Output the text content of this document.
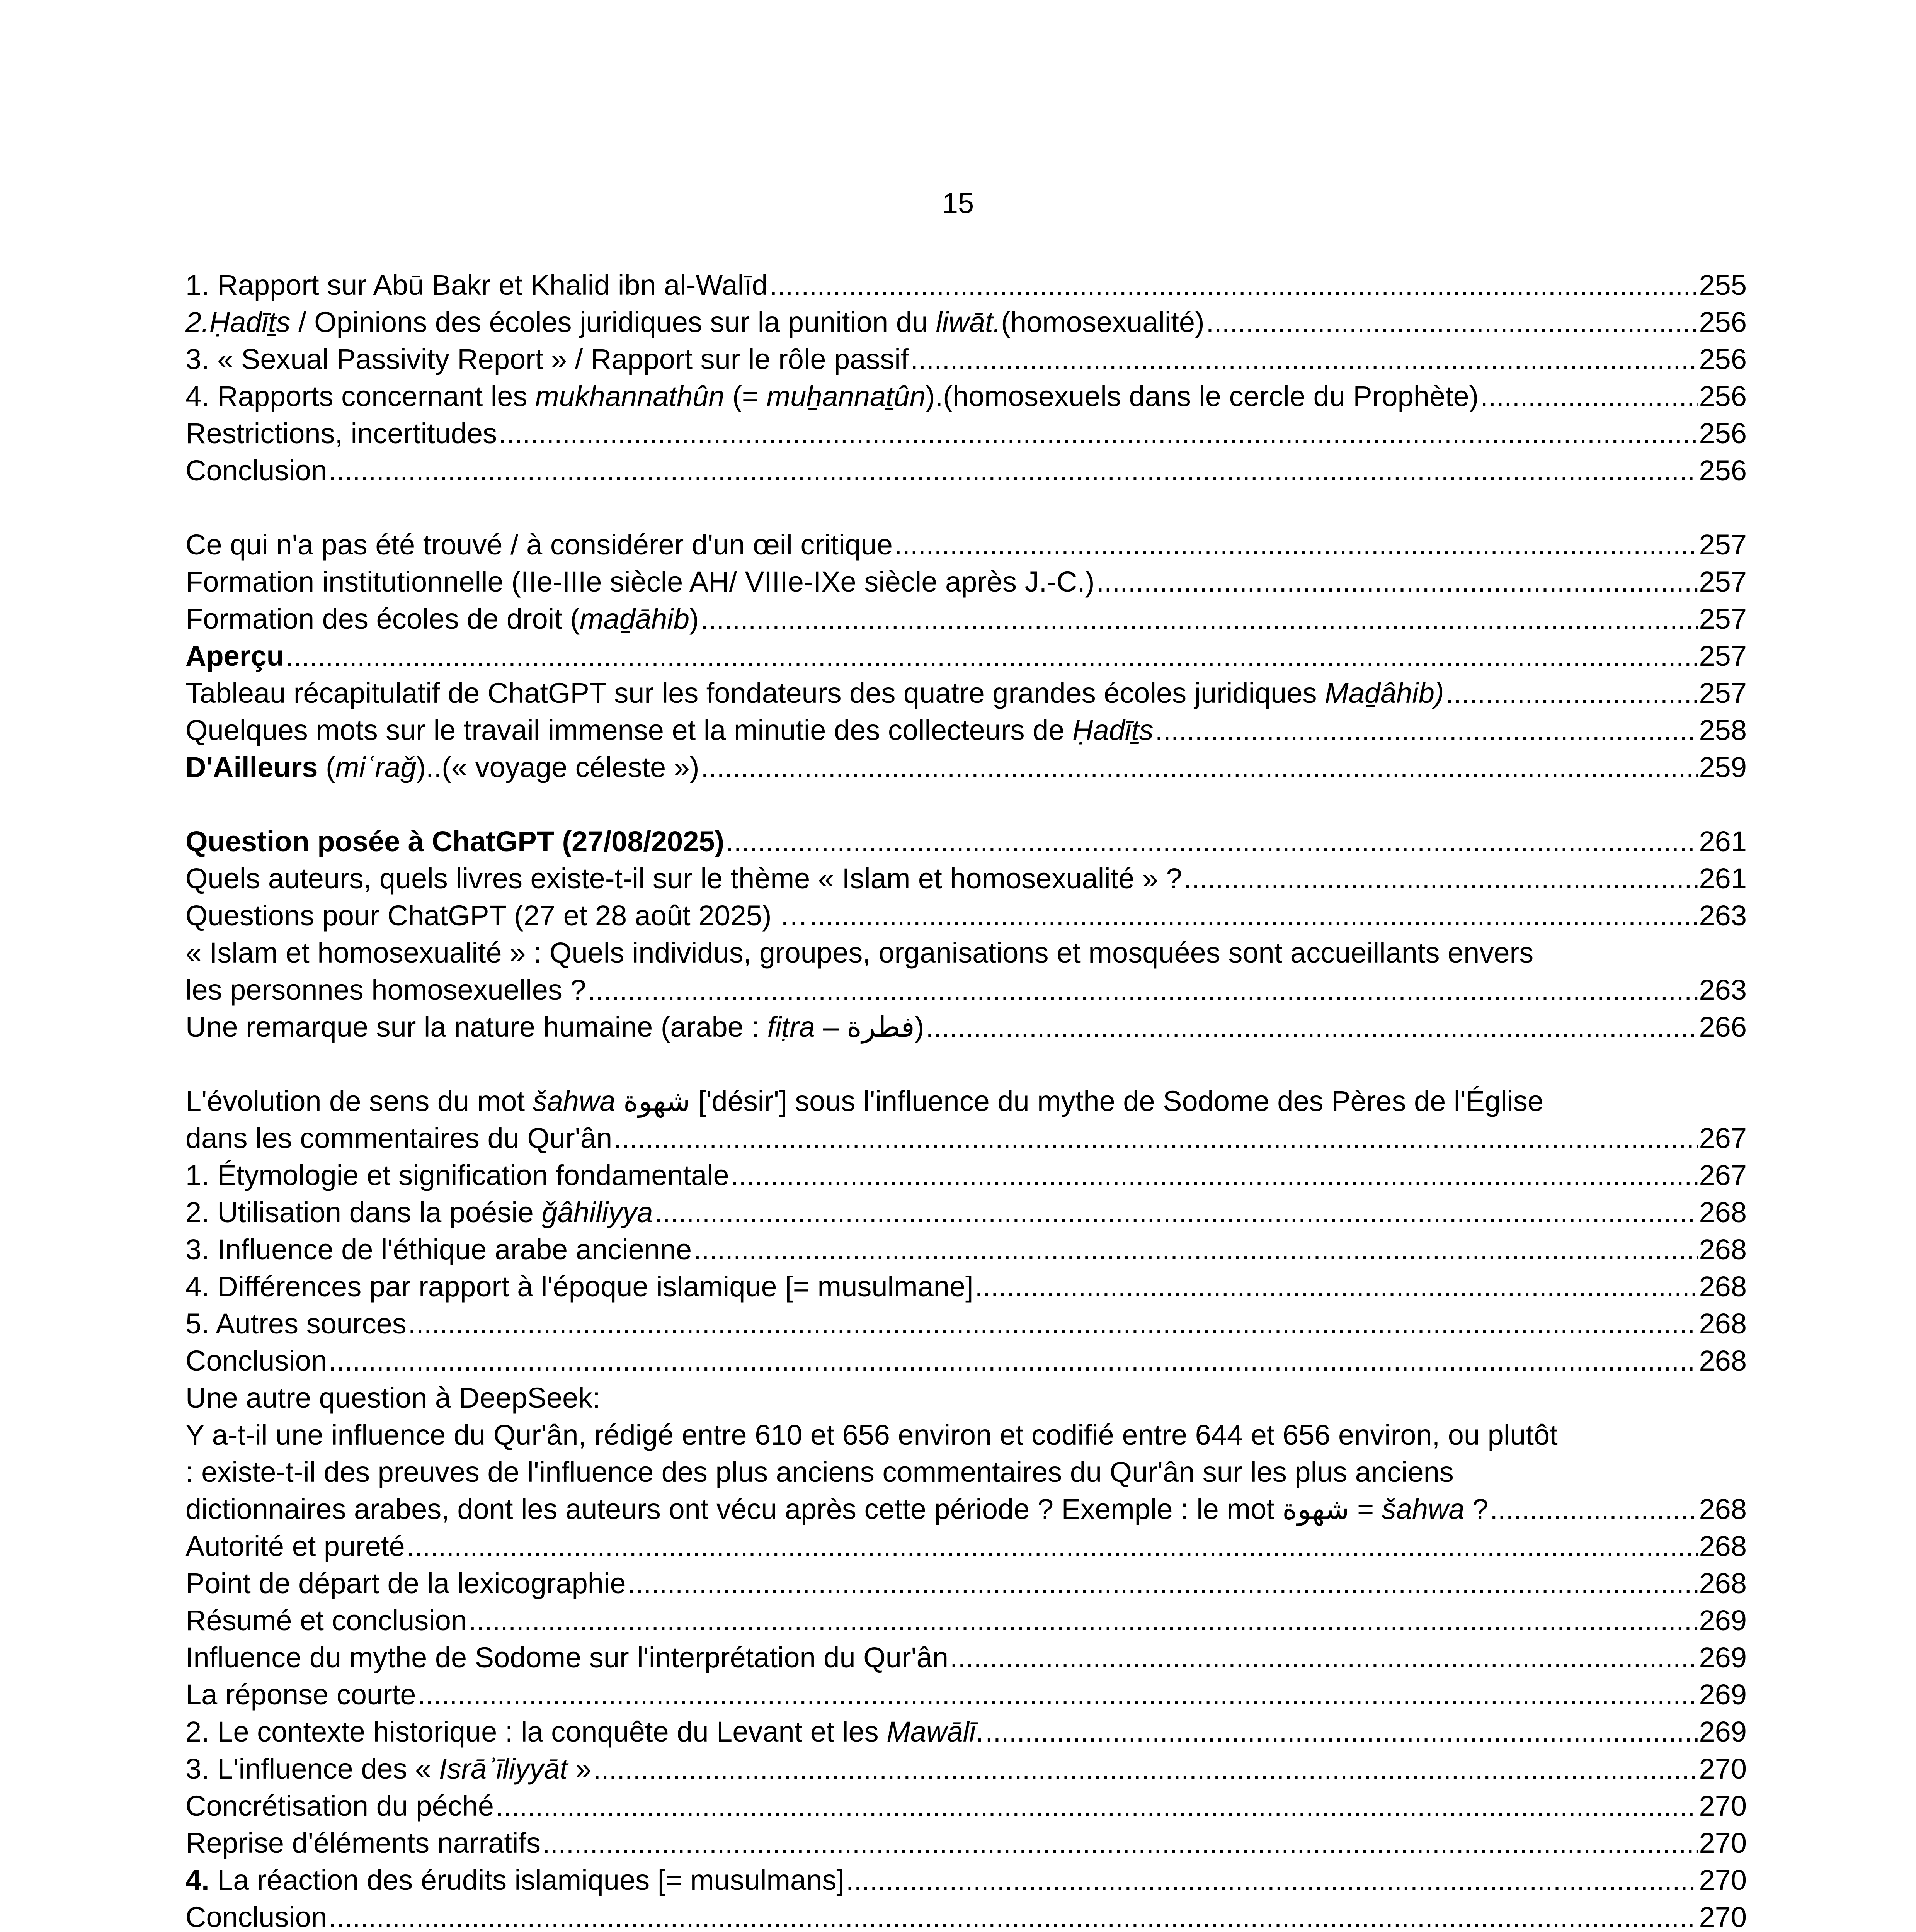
15
1. Rapport sur Abū Bakr et Khalid ibn al-Walīd .....	255
2.Ḥadīṯs / Opinions des écoles juridiques sur la punition du liwāt.(homosexualité) .....	256
3. « Sexual Passivity Report » / Rapport sur le rôle passif .....	256
4. Rapports concernant les mukhannathûn (= muẖannaṯûn).(homosexuels dans le cercle du Prophète) .....	256
Restrictions, incertitudes .....	256
Conclusion .....	256
Ce qui n'a pas été trouvé / à considérer d'un œil critique .....	257
Formation institutionnelle (IIe-IIIe siècle AH/ VIIIe-IXe siècle après J.-C.) .....	257
Formation des écoles de droit (maḏāhib) .....	257
Aperçu .....	257
Tableau récapitulatif de ChatGPT sur les fondateurs des quatre grandes écoles juridiques Maḏâhib) .....	257
Quelques mots sur le travail immense et la minutie des collecteurs de Ḥadīṯs .....	258
D'Ailleurs (miʿraǧ)..(« voyage céleste ») .....	259
Question posée à ChatGPT (27/08/2025) .....	261
Quels auteurs, quels livres existe-t-il sur le thème « Islam et homosexualité » ? .....	261
Questions pour ChatGPT (27 et 28 août 2025) … .....	263
« Islam et homosexualité » : Quels individus, groupes, organisations et mosquées sont accueillants envers
les personnes homosexuelles ? .....	263
Une remarque sur la nature humaine (arabe : fiṭra – فطرة) .....	266
L'évolution de sens du mot šahwa شهوة ['désir'] sous l'influence du mythe de Sodome des Pères de l'Église
dans les commentaires du Qur'ân .....	267
1. Étymologie et signification fondamentale .....	267
2. Utilisation dans la poésie ǧâhiliyya .....	268
3. Influence de l'éthique arabe ancienne .....	268
4. Différences par rapport à l'époque islamique [= musulmane] .....	268
5. Autres sources .....	268
Conclusion .....	268
Une autre question à DeepSeek:
Y a-t-il une influence du Qur'ân, rédigé entre 610 et 656 environ et codifié entre 644 et 656 environ, ou plutôt
: existe-t-il des preuves de l'influence des plus anciens commentaires du Qur'ân sur les plus anciens
dictionnaires arabes, dont les auteurs ont vécu après cette période ? Exemple : le mot شهوة = šahwa ? .....	268
Autorité et pureté .....	268
Point de départ de la lexicographie .....	268
Résumé et conclusion .....	269
Influence du mythe de Sodome sur l'interprétation du Qur'ân .....	269
La réponse courte .....	269
2. Le contexte historique : la conquête du Levant et les Mawālī. .....	269
3. L'influence des « Isrāʾīliyyāt » .....	270
Concrétisation du péché .....	270
Reprise d'éléments narratifs .....	270
4. La réaction des érudits islamiques [= musulmans] .....	270
Conclusion .....	270
